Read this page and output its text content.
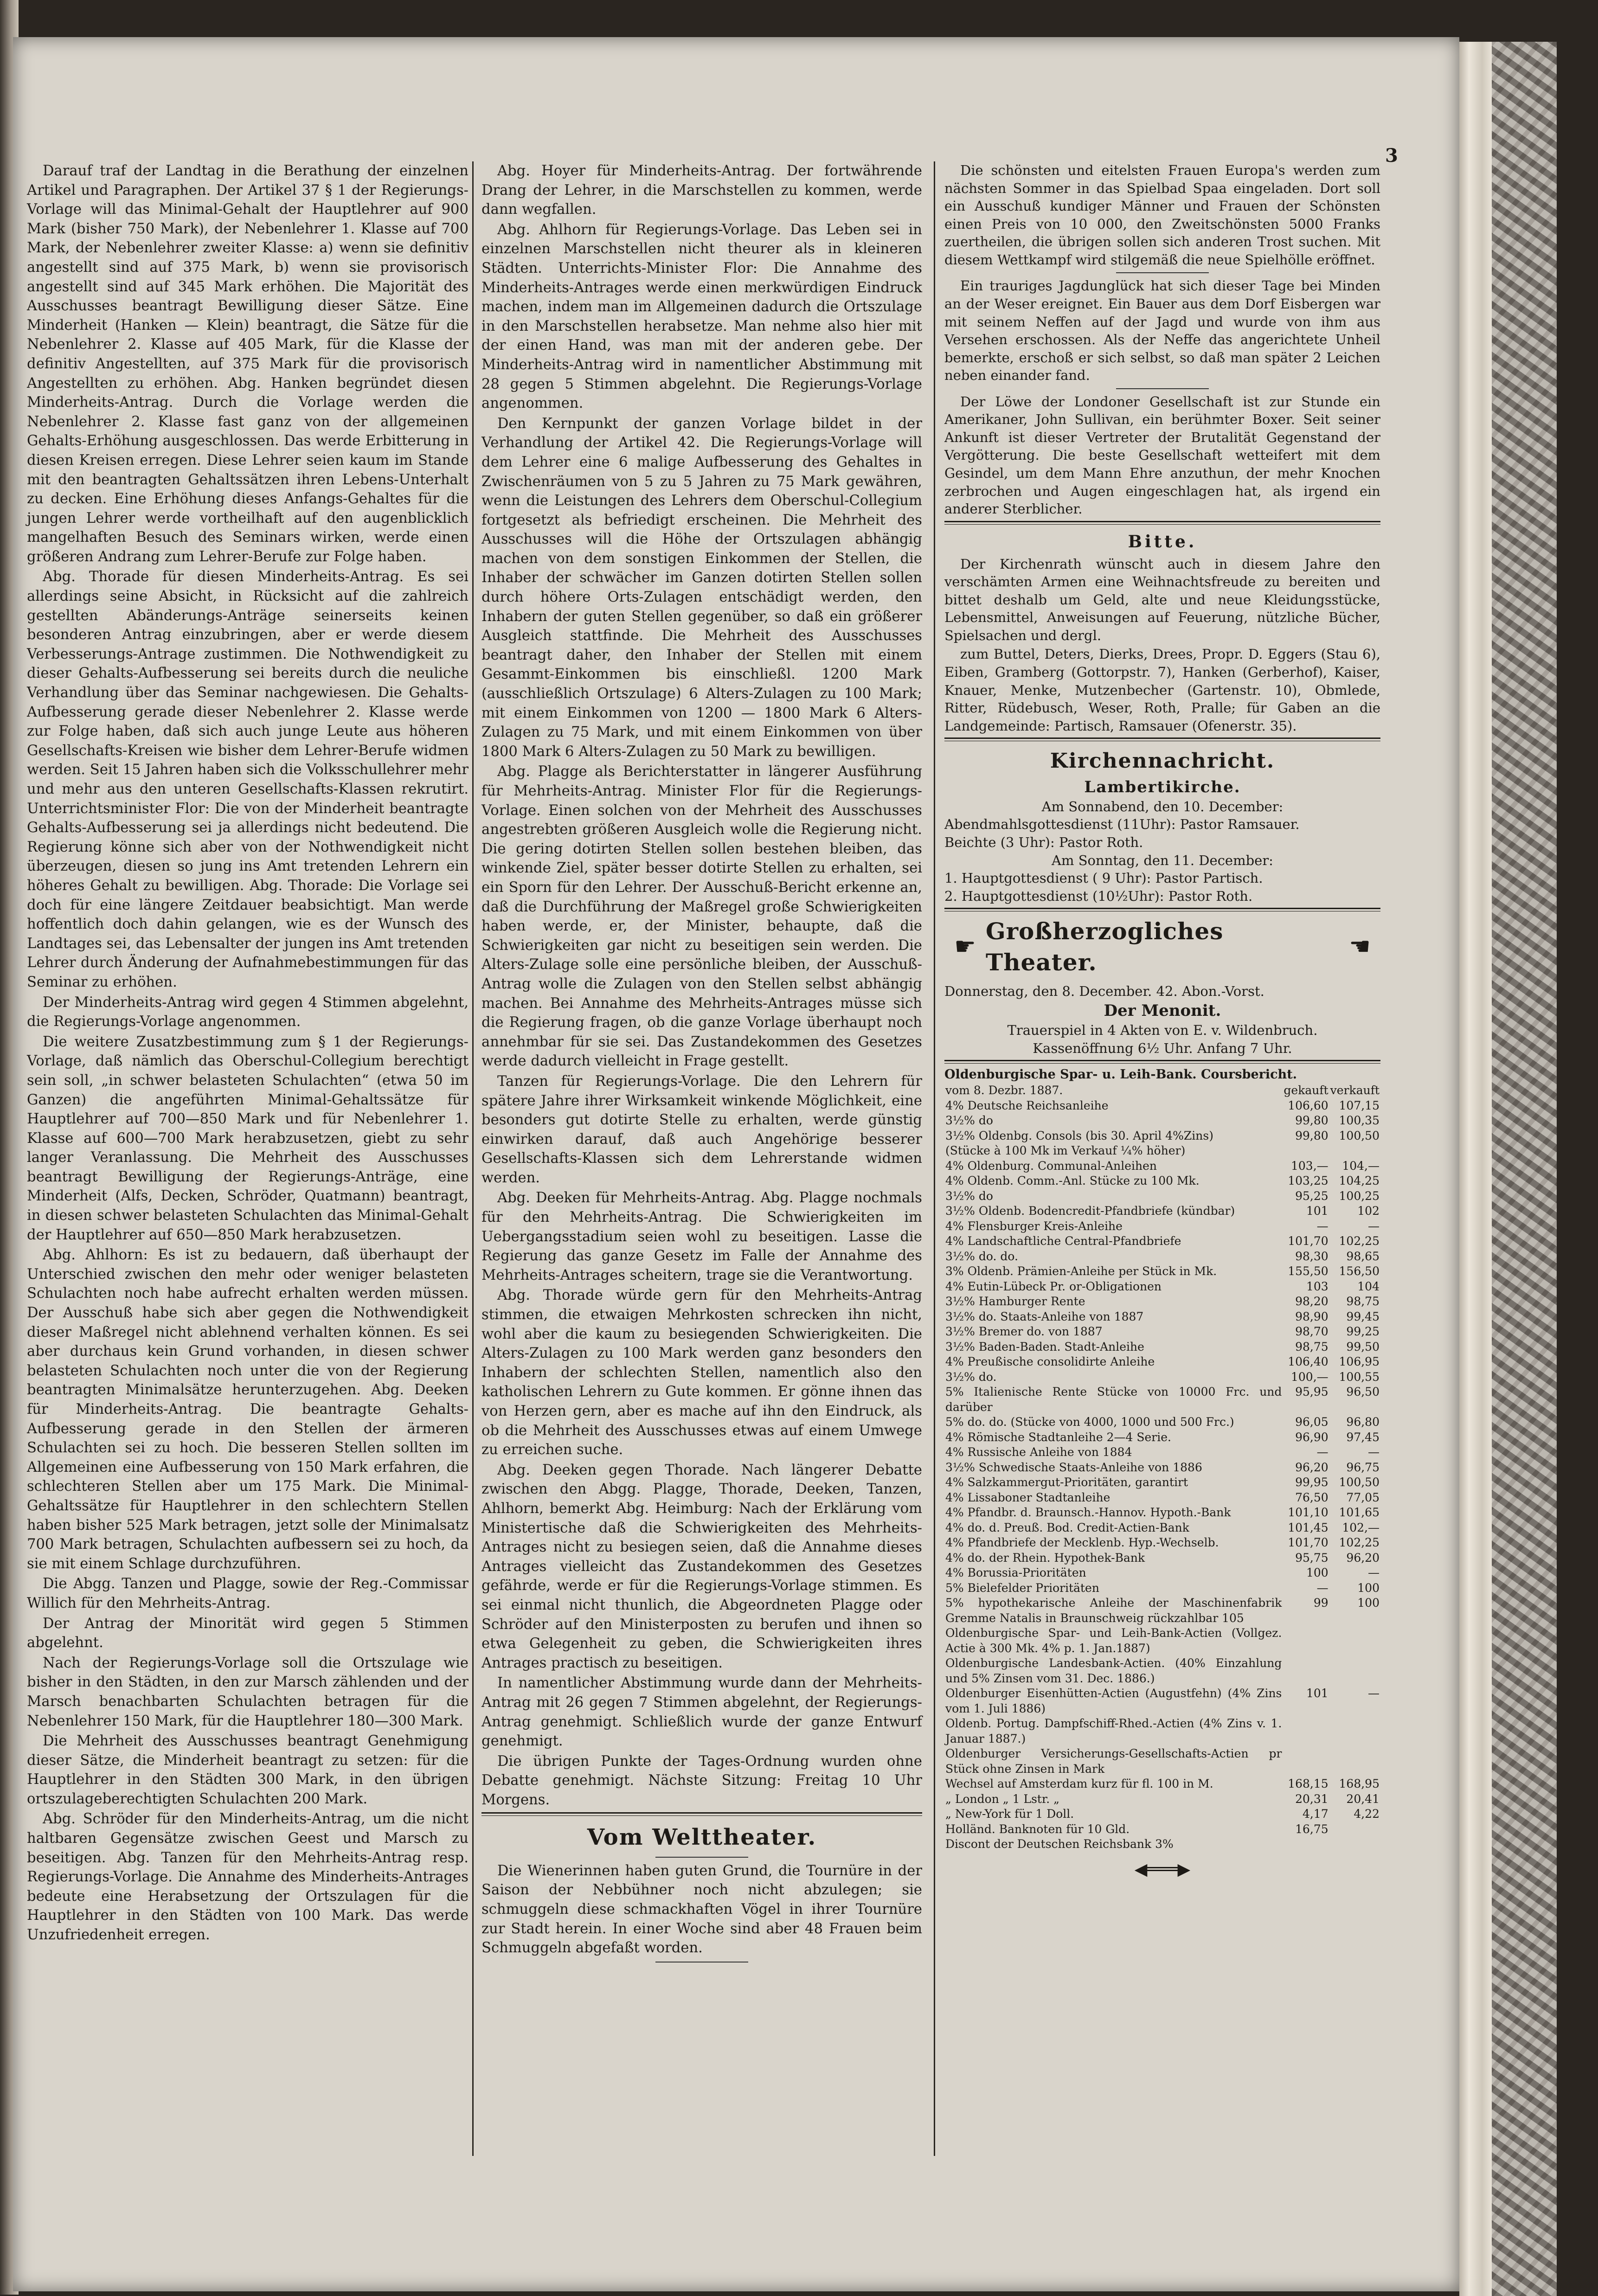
3

Darauf traf der Landtag in die Berathung der einzelnen Artikel und Paragraphen. Der Artikel 37 § 1 der Regierungs-Vorlage will das Minimal-Gehalt der Hauptlehrer auf 900 Mark (bisher 750 Mark), der Nebenlehrer 1. Klasse auf 700 Mark, der Nebenlehrer zweiter Klasse: a) wenn sie definitiv angestellt sind auf 375 Mark, b) wenn sie provisorisch angestellt sind auf 345 Mark erhöhen. Die Majorität des Ausschusses beantragt Bewilligung dieser Sätze. Eine Minderheit (Hanken — Klein) beantragt, die Sätze für die Nebenlehrer 2. Klasse auf 405 Mark, für die Klasse der definitiv Angestellten, auf 375 Mark für die provisorisch Angestellten zu erhöhen. Abg. Hanken begründet diesen Minderheits-Antrag. Durch die Vorlage werden die Nebenlehrer 2. Klasse fast ganz von der allgemeinen Gehalts-Erhöhung ausgeschlossen. Das werde Erbitterung in diesen Kreisen erregen. Diese Lehrer seien kaum im Stande mit den beantragten Gehaltssätzen ihren Lebens-Unterhalt zu decken. Eine Erhöhung dieses Anfangs-Gehaltes für die jungen Lehrer werde vortheilhaft auf den augenblicklich mangelhaften Besuch des Seminars wirken, werde einen größeren Andrang zum Lehrer-Berufe zur Folge haben.

Abg. Thorade für diesen Minderheits-Antrag. Es sei allerdings seine Absicht, in Rücksicht auf die zahlreich gestellten Abänderungs-Anträge seinerseits keinen besonderen Antrag einzubringen, aber er werde diesem Verbesserungs-Antrage zustimmen. Die Nothwendigkeit zu dieser Gehalts-Aufbesserung sei bereits durch die neuliche Verhandlung über das Seminar nachgewiesen. Die Gehalts-Aufbesserung gerade dieser Nebenlehrer 2. Klasse werde zur Folge haben, daß sich auch junge Leute aus höheren Gesellschafts-Kreisen wie bisher dem Lehrer-Berufe widmen werden. Seit 15 Jahren haben sich die Volksschullehrer mehr und mehr aus den unteren Gesellschafts-Klassen rekrutirt. Unterrichtsminister Flor: Die von der Minderheit beantragte Gehalts-Aufbesserung sei ja allerdings nicht bedeutend. Die Regierung könne sich aber von der Nothwendigkeit nicht überzeugen, diesen so jung ins Amt tretenden Lehrern ein höheres Gehalt zu bewilligen. Abg. Thorade: Die Vorlage sei doch für eine längere Zeitdauer beabsichtigt. Man werde hoffentlich doch dahin gelangen, wie es der Wunsch des Landtages sei, das Lebensalter der jungen ins Amt tretenden Lehrer durch Änderung der Aufnahmebestimmungen für das Seminar zu erhöhen.

Der Minderheits-Antrag wird gegen 4 Stimmen abgelehnt, die Regierungs-Vorlage angenommen.

Die weitere Zusatzbestimmung zum § 1 der Regierungs-Vorlage, daß nämlich das Oberschul-Collegium berechtigt sein soll, „in schwer belasteten Schulachten“ (etwa 50 im Ganzen) die angeführten Minimal-Gehaltssätze für Hauptlehrer auf 700—850 Mark und für Nebenlehrer 1. Klasse auf 600—700 Mark herabzusetzen, giebt zu sehr langer Veranlassung. Die Mehrheit des Ausschusses beantragt Bewilligung der Regierungs-Anträge, eine Minderheit (Alfs, Decken, Schröder, Quatmann) beantragt, in diesen schwer belasteten Schulachten das Minimal-Gehalt der Hauptlehrer auf 650—850 Mark herabzusetzen.

Abg. Ahlhorn: Es ist zu bedauern, daß überhaupt der Unterschied zwischen den mehr oder weniger belasteten Schulachten noch habe aufrecht erhalten werden müssen. Der Ausschuß habe sich aber gegen die Nothwendigkeit dieser Maßregel nicht ablehnend verhalten können. Es sei aber durchaus kein Grund vorhanden, in diesen schwer belasteten Schulachten noch unter die von der Regierung beantragten Minimalsätze herunterzugehen. Abg. Deeken für Minderheits-Antrag. Die beantragte Gehalts-Aufbesserung gerade in den Stellen der ärmeren Schulachten sei zu hoch. Die besseren Stellen sollten im Allgemeinen eine Aufbesserung von 150 Mark erfahren, die schlechteren Stellen aber um 175 Mark. Die Minimal-Gehaltssätze für Hauptlehrer in den schlechtern Stellen haben bisher 525 Mark betragen, jetzt solle der Minimalsatz 700 Mark betragen, Schulachten aufbessern sei zu hoch, da sie mit einem Schlage durchzuführen.

Die Abgg. Tanzen und Plagge, sowie der Reg.-Commissar Willich für den Mehrheits-Antrag.

Der Antrag der Minorität wird gegen 5 Stimmen abgelehnt.

Nach der Regierungs-Vorlage soll die Ortszulage wie bisher in den Städten, in den zur Marsch zählenden und der Marsch benachbarten Schulachten betragen für die Nebenlehrer 150 Mark, für die Hauptlehrer 180—300 Mark.

Die Mehrheit des Ausschusses beantragt Genehmigung dieser Sätze, die Minderheit beantragt zu setzen: für die Hauptlehrer in den Städten 300 Mark, in den übrigen ortszulageberechtigten Schulachten 200 Mark.

Abg. Schröder für den Minderheits-Antrag, um die nicht haltbaren Gegensätze zwischen Geest und Marsch zu beseitigen. Abg. Tanzen für den Mehrheits-Antrag resp. Regierungs-Vorlage. Die Annahme des Minderheits-Antrages bedeute eine Herabsetzung der Ortszulagen für die Hauptlehrer in den Städten von 100 Mark. Das werde Unzufriedenheit erregen.

Abg. Hoyer für Minderheits-Antrag. Der fortwährende Drang der Lehrer, in die Marschstellen zu kommen, werde dann wegfallen.

Abg. Ahlhorn für Regierungs-Vorlage. Das Leben sei in einzelnen Marschstellen nicht theurer als in kleineren Städten. Unterrichts-Minister Flor: Die Annahme des Minderheits-Antrages werde einen merkwürdigen Eindruck machen, indem man im Allgemeinen dadurch die Ortszulage in den Marschstellen herabsetze. Man nehme also hier mit der einen Hand, was man mit der anderen gebe. Der Minderheits-Antrag wird in namentlicher Abstimmung mit 28 gegen 5 Stimmen abgelehnt. Die Regierungs-Vorlage angenommen.

Den Kernpunkt der ganzen Vorlage bildet in der Verhandlung der Artikel 42. Die Regierungs-Vorlage will dem Lehrer eine 6 malige Aufbesserung des Gehaltes in Zwischenräumen von 5 zu 5 Jahren zu 75 Mark gewähren, wenn die Leistungen des Lehrers dem Oberschul-Collegium fortgesetzt als befriedigt erscheinen. Die Mehrheit des Ausschusses will die Höhe der Ortszulagen abhängig machen von dem sonstigen Einkommen der Stellen, die Inhaber der schwächer im Ganzen dotirten Stellen sollen durch höhere Orts-Zulagen entschädigt werden, den Inhabern der guten Stellen gegenüber, so daß ein größerer Ausgleich stattfinde. Die Mehrheit des Ausschusses beantragt daher, den Inhaber der Stellen mit einem Gesammt-Einkommen bis einschließl. 1200 Mark (ausschließlich Ortszulage) 6 Alters-Zulagen zu 100 Mark; mit einem Einkommen von 1200 — 1800 Mark 6 Alters-Zulagen zu 75 Mark, und mit einem Einkommen von über 1800 Mark 6 Alters-Zulagen zu 50 Mark zu bewilligen.

Abg. Plagge als Berichterstatter in längerer Ausführung für Mehrheits-Antrag. Minister Flor für die Regierungs-Vorlage. Einen solchen von der Mehrheit des Ausschusses angestrebten größeren Ausgleich wolle die Regierung nicht. Die gering dotirten Stellen sollen bestehen bleiben, das winkende Ziel, später besser dotirte Stellen zu erhalten, sei ein Sporn für den Lehrer. Der Ausschuß-Bericht erkenne an, daß die Durchführung der Maßregel große Schwierigkeiten haben werde, er, der Minister, behaupte, daß die Schwierigkeiten gar nicht zu beseitigen sein werden. Die Alters-Zulage solle eine persönliche bleiben, der Ausschuß-Antrag wolle die Zulagen von den Stellen selbst abhängig machen. Bei Annahme des Mehrheits-Antrages müsse sich die Regierung fragen, ob die ganze Vorlage überhaupt noch annehmbar für sie sei. Das Zustandekommen des Gesetzes werde dadurch vielleicht in Frage gestellt.

Tanzen für Regierungs-Vorlage. Die den Lehrern für spätere Jahre ihrer Wirksamkeit winkende Möglichkeit, eine besonders gut dotirte Stelle zu erhalten, werde günstig einwirken darauf, daß auch Angehörige besserer Gesellschafts-Klassen sich dem Lehrerstande widmen werden.

Abg. Deeken für Mehrheits-Antrag. Abg. Plagge nochmals für den Mehrheits-Antrag. Die Schwierigkeiten im Uebergangsstadium seien wohl zu beseitigen. Lasse die Regierung das ganze Gesetz im Falle der Annahme des Mehrheits-Antrages scheitern, trage sie die Verantwortung.

Abg. Thorade würde gern für den Mehrheits-Antrag stimmen, die etwaigen Mehrkosten schrecken ihn nicht, wohl aber die kaum zu besiegenden Schwierigkeiten. Die Alters-Zulagen zu 100 Mark werden ganz besonders den Inhabern der schlechten Stellen, namentlich also den katholischen Lehrern zu Gute kommen. Er gönne ihnen das von Herzen gern, aber es mache auf ihn den Eindruck, als ob die Mehrheit des Ausschusses etwas auf einem Umwege zu erreichen suche.

Abg. Deeken gegen Thorade. Nach längerer Debatte zwischen den Abgg. Plagge, Thorade, Deeken, Tanzen, Ahlhorn, bemerkt Abg. Heimburg: Nach der Erklärung vom Ministertische daß die Schwierigkeiten des Mehrheits-Antrages nicht zu besiegen seien, daß die Annahme dieses Antrages vielleicht das Zustandekommen des Gesetzes gefährde, werde er für die Regierungs-Vorlage stimmen. Es sei einmal nicht thunlich, die Abgeordneten Plagge oder Schröder auf den Ministerposten zu berufen und ihnen so etwa Gelegenheit zu geben, die Schwierigkeiten ihres Antrages practisch zu beseitigen.

In namentlicher Abstimmung wurde dann der Mehrheits-Antrag mit 26 gegen 7 Stimmen abgelehnt, der Regierungs-Antrag genehmigt. Schließlich wurde der ganze Entwurf genehmigt.

Die übrigen Punkte der Tages-Ordnung wurden ohne Debatte genehmigt. Nächste Sitzung: Freitag 10 Uhr Morgens.

Vom Welttheater.

Die Wienerinnen haben guten Grund, die Tournüre in der Saison der Nebbühner noch nicht abzulegen; sie schmuggeln diese schmackhaften Vögel in ihrer Tournüre zur Stadt herein. In einer Woche sind aber 48 Frauen beim Schmuggeln abgefaßt worden.

Die schönsten und eitelsten Frauen Europa's werden zum nächsten Sommer in das Spielbad Spaa eingeladen. Dort soll ein Ausschuß kundiger Männer und Frauen der Schönsten einen Preis von 10 000, den Zweitschönsten 5000 Franks zuertheilen, die übrigen sollen sich anderen Trost suchen. Mit diesem Wettkampf wird stilgemäß die neue Spielhölle eröffnet.

Ein trauriges Jagdunglück hat sich dieser Tage bei Minden an der Weser ereignet. Ein Bauer aus dem Dorf Eisbergen war mit seinem Neffen auf der Jagd und wurde von ihm aus Versehen erschossen. Als der Neffe das angerichtete Unheil bemerkte, erschoß er sich selbst, so daß man später 2 Leichen neben einander fand.

Der Löwe der Londoner Gesellschaft ist zur Stunde ein Amerikaner, John Sullivan, ein berühmter Boxer. Seit seiner Ankunft ist dieser Vertreter der Brutalität Gegenstand der Vergötterung. Die beste Gesellschaft wetteifert mit dem Gesindel, um dem Mann Ehre anzuthun, der mehr Knochen zerbrochen und Augen eingeschlagen hat, als irgend ein anderer Sterblicher.

Bitte.

Der Kirchenrath wünscht auch in diesem Jahre den verschämten Armen eine Weihnachtsfreude zu bereiten und bittet deshalb um Geld, alte und neue Kleidungsstücke, Lebensmittel, Anweisungen auf Feuerung, nützliche Bücher, Spielsachen und dergl.

zum Buttel, Deters, Dierks, Drees, Propr. D. Eggers (Stau 6), Eiben, Gramberg (Gottorpstr. 7), Hanken (Gerberhof), Kaiser, Knauer, Menke, Mutzenbecher (Gartenstr. 10), Obmlede, Ritter, Rüdebusch, Weser, Roth, Pralle; für Gaben an die Landgemeinde: Partisch, Ramsauer (Ofenerstr. 35).

Kirchennachricht.
Lambertikirche.
Am Sonnabend, den 10. December:
Abendmahlsgottesdienst (11Uhr): Pastor Ramsauer.
Beichte (3 Uhr): Pastor Roth.
Am Sonntag, den 11. December:
1. Hauptgottesdienst ( 9 Uhr): Pastor Partisch.
2. Hauptgottesdienst (10½Uhr): Pastor Roth.
☛
Großherzogliches Theater.
☚
Donnerstag, den 8. December. 42. Abon.-Vorst.
Der Menonit.
Trauerspiel in 4 Akten von E. v. Wildenbruch.
Kassenöffnung 6½ Uhr. Anfang 7 Uhr.
Oldenburgische Spar- u. Leih-Bank. Coursbericht.
vom 8. Dezbr. 1887.	gekauft	verkauft
4% Deutsche Reichsanleihe	106,60	107,15
3½% do	99,80	100,35
3½% Oldenbg. Consols (bis 30. April 4%Zins)	99,80	100,50
(Stücke à 100 Mk im Verkauf ¼% höher)		
4% Oldenburg. Communal-Anleihen	103,—	104,—
4% Oldenb. Comm.-Anl. Stücke zu 100 Mk.	103,25	104,25
3½% do	95,25	100,25
3½% Oldenb. Bodencredit-Pfandbriefe (kündbar)	101	102
4% Flensburger Kreis-Anleihe	—	—
4% Landschaftliche Central-Pfandbriefe	101,70	102,25
3½% do. do.	98,30	98,65
3% Oldenb. Prämien-Anleihe per Stück in Mk.	155,50	156,50
4% Eutin-Lübeck Pr. or-Obligationen	103	104
3½% Hamburger Rente	98,20	98,75
3½% do. Staats-Anleihe von 1887	98,90	99,45
3½% Bremer do. von 1887	98,70	99,25
3½% Baden-Baden. Stadt-Anleihe	98,75	99,50
4% Preußische consolidirte Anleihe	106,40	106,95
3½% do.	100,—	100,55
5% Italienische Rente Stücke von 10000 Frc. und darüber	95,95	96,50
5% do. do. (Stücke von 4000, 1000 und 500 Frc.)	96,05	96,80
4% Römische Stadtanleihe 2—4 Serie.	96,90	97,45
4% Russische Anleihe von 1884	—	—
3½% Schwedische Staats-Anleihe von 1886	96,20	96,75
4% Salzkammergut-Prioritäten, garantirt	99,95	100,50
4% Lissaboner Stadtanleihe	76,50	77,05
4% Pfandbr. d. Braunsch.-Hannov. Hypoth.-Bank	101,10	101,65
4% do. d. Preuß. Bod. Credit-Actien-Bank	101,45	102,—
4% Pfandbriefe der Mecklenb. Hyp.-Wechselb.	101,70	102,25
4% do. der Rhein. Hypothek-Bank	95,75	96,20
4% Borussia-Prioritäten	100	—
5% Bielefelder Prioritäten	—	100
5% hypothekarische Anleihe der Maschinenfabrik Gremme Natalis in Braunschweig rückzahlbar 105	99	100
Oldenburgische Spar- und Leih-Bank-Actien (Vollgez. Actie à 300 Mk. 4% p. 1. Jan.1887)		
Oldenburgische Landesbank-Actien. (40% Einzahlung und 5% Zinsen vom 31. Dec. 1886.)		
Oldenburger Eisenhütten-Actien (Augustfehn) (4% Zins vom 1. Juli 1886)	101	—
Oldenb. Portug. Dampfschiff-Rhed.-Actien (4% Zins v. 1. Januar 1887.)		
Oldenburger Versicherungs-Gesellschafts-Actien pr Stück ohne Zinsen in Mark		
Wechsel auf Amsterdam kurz für fl. 100 in M.	168,15	168,95
„ London „ 1 Lstr. „	20,31	20,41
„ New-York für 1 Doll.	4,17	4,22
Holländ. Banknoten für 10 Gld.	16,75	
Discont der Deutschen Reichsbank 3%		
◀═══▶
